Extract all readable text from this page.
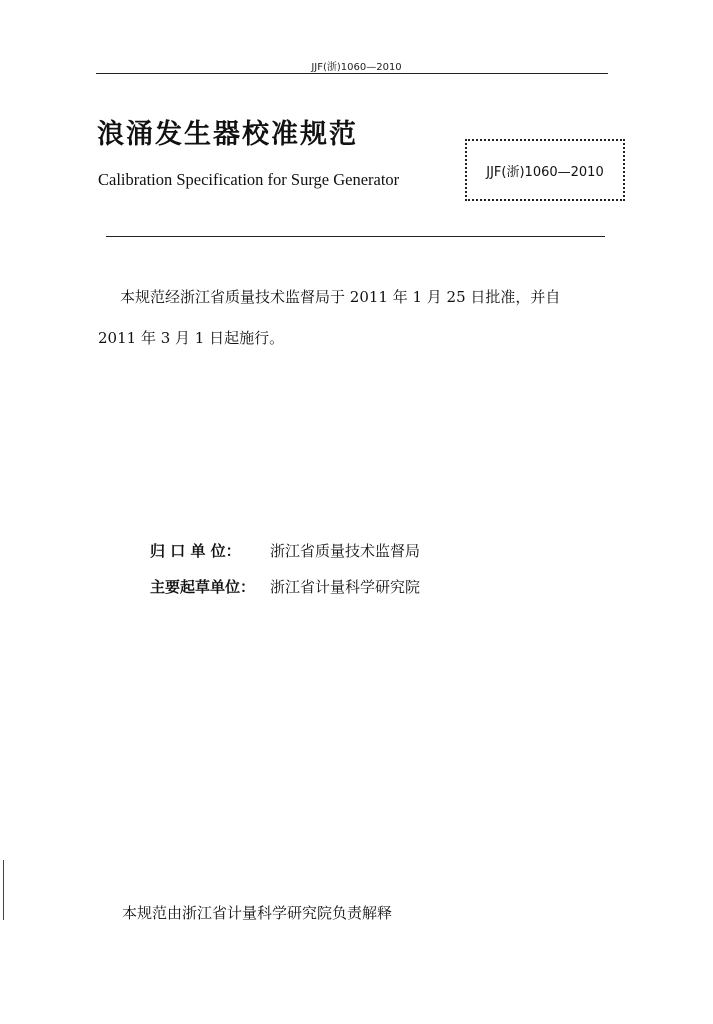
JJF(浙)1060—2010
浪涌发生器校准规范
Calibration Specification for Surge Generator	JJF(浙)1060—2010
本规范经浙江省质量技术监督局于 2011 年 1 月 25 日批准，并自
2011 年 3 月 1 日起施行。
归 口 单 位： 浙江省质量技术监督局
主要起草单位： 浙江省计量科学研究院
本规范由浙江省计量科学研究院负责解释
